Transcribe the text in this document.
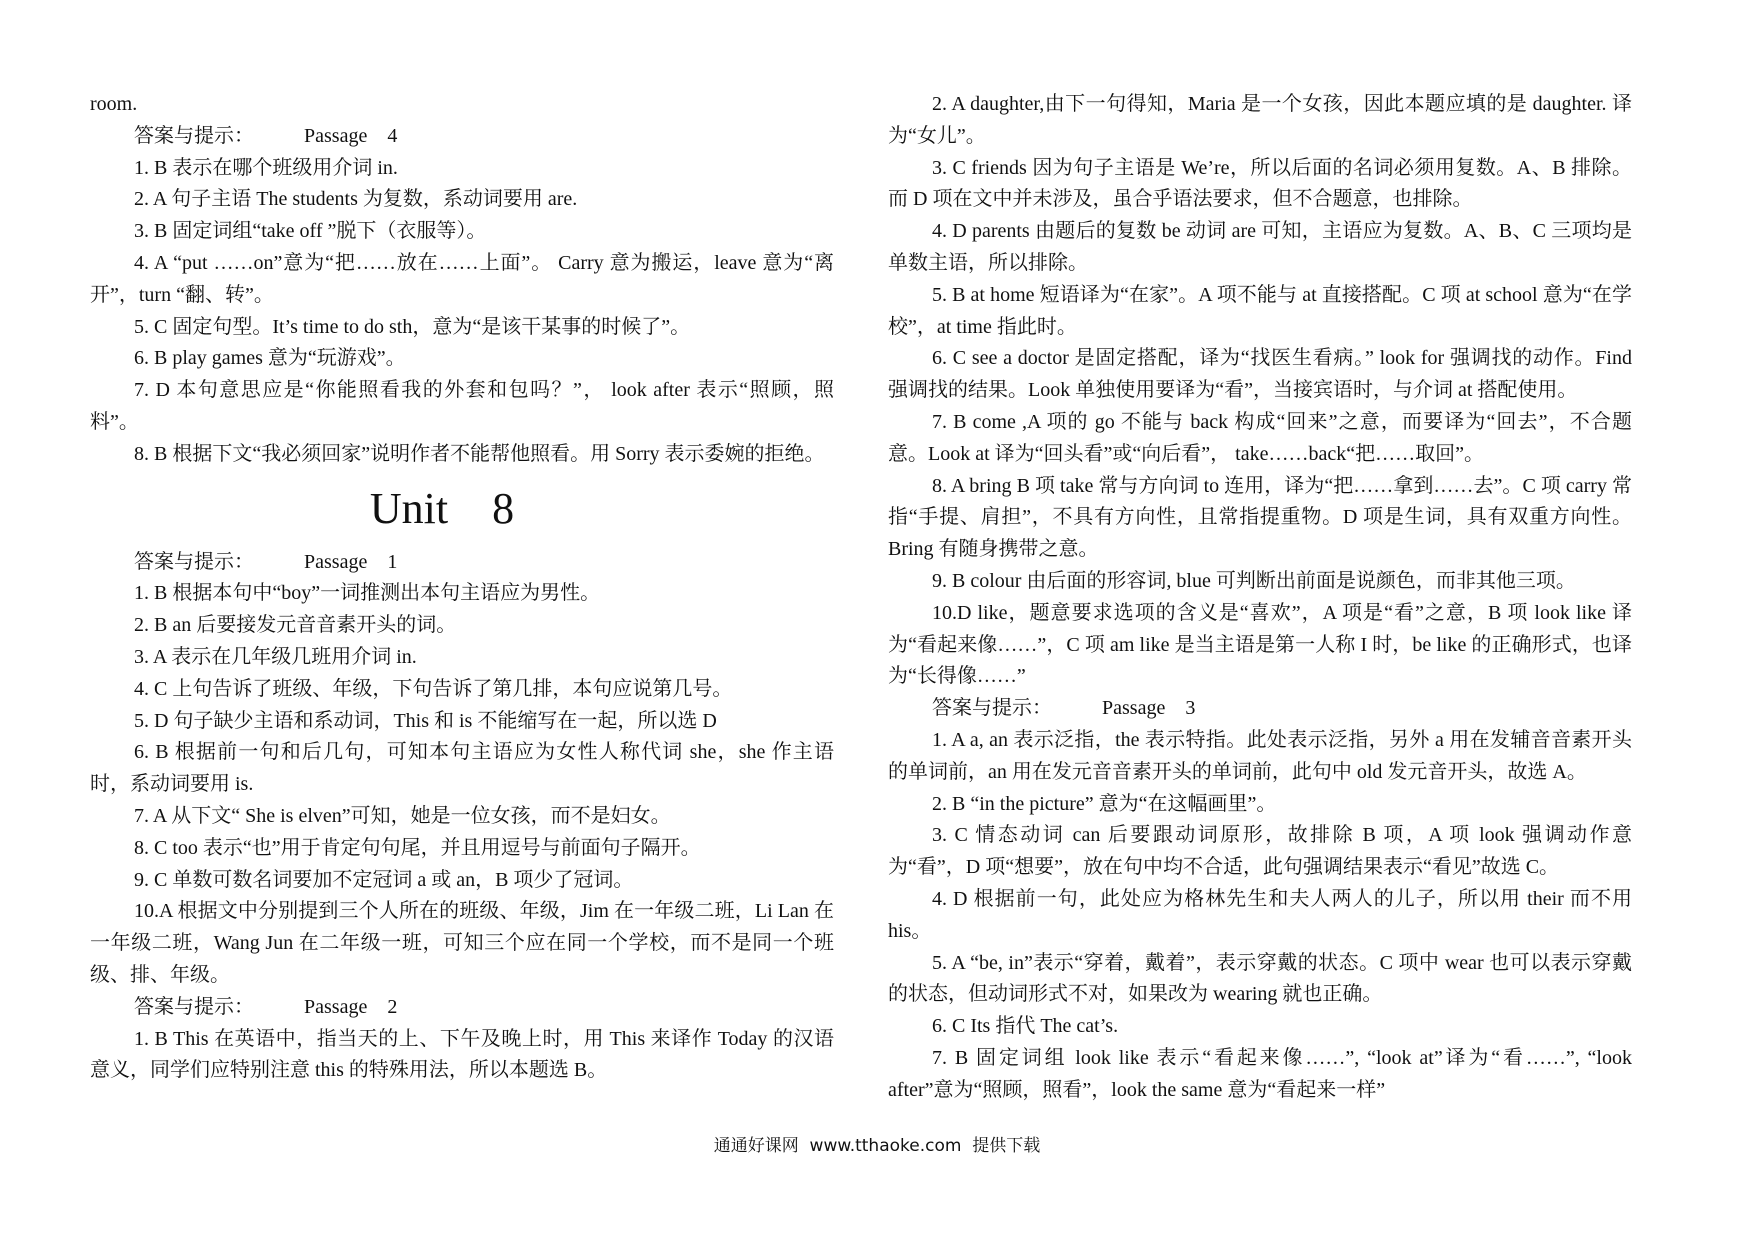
room.

答案与提示：          Passage    4

1. B 表示在哪个班级用介词 in.

2. A 句子主语 The students 为复数，系动词要用 are.

3. B 固定词组“take off ”脱下（衣服等）。

4. A “put ……on”意为“把……放在……上面”。 Carry 意为搬运，leave 意为“离开”，turn “翻、转”。

5. C 固定句型。It’s time to do sth，意为“是该干某事的时候了”。

6. B play games 意为“玩游戏”。

7. D 本句意思应是“你能照看我的外套和包吗？”， look after 表示“照顾，照料”。

8. B 根据下文“我必须回家”说明作者不能帮他照看。用 Sorry 表示委婉的拒绝。

Unit    8

答案与提示：          Passage    1

1. B 根据本句中“boy”一词推测出本句主语应为男性。

2. B an 后要接发元音音素开头的词。

3. A 表示在几年级几班用介词 in.

4. C 上句告诉了班级、年级，下句告诉了第几排，本句应说第几号。

5. D 句子缺少主语和系动词，This 和 is 不能缩写在一起，所以选 D

6. B 根据前一句和后几句，可知本句主语应为女性人称代词 she，she 作主语时，系动词要用 is.

7. A 从下文“ She is elven”可知，她是一位女孩，而不是妇女。

8. C too 表示“也”用于肯定句句尾，并且用逗号与前面句子隔开。

9. C 单数可数名词要加不定冠词 a 或 an，B 项少了冠词。

10.A 根据文中分别提到三个人所在的班级、年级，Jim 在一年级二班，Li Lan 在一年级二班，Wang Jun 在二年级一班，可知三个应在同一个学校，而不是同一个班级、排、年级。

答案与提示：          Passage    2

1. B This 在英语中，指当天的上、下午及晚上时，用 This 来译作 Today 的汉语意义，同学们应特别注意 this 的特殊用法，所以本题选 B。

2. A daughter,由下一句得知，Maria 是一个女孩，因此本题应填的是 daughter. 译为“女儿”。

3. C friends 因为句子主语是 We’re，所以后面的名词必须用复数。A、B 排除。而 D 项在文中并未涉及，虽合乎语法要求，但不合题意，也排除。

4. D parents 由题后的复数 be 动词 are 可知，主语应为复数。A、B、C 三项均是单数主语，所以排除。

5. B at home 短语译为“在家”。A 项不能与 at 直接搭配。C 项 at school 意为“在学校”，at time 指此时。

6. C see a doctor 是固定搭配，译为“找医生看病。” look for 强调找的动作。Find 强调找的结果。Look 单独使用要译为“看”，当接宾语时，与介词 at 搭配使用。

7. B come ,A 项的 go 不能与 back 构成“回来”之意，而要译为“回去”，不合题意。Look at 译为“回头看”或“向后看”， take……back“把……取回”。

8. A bring B 项 take 常与方向词 to 连用，译为“把……拿到……去”。C 项 carry 常指“手提、肩担”，不具有方向性，且常指提重物。D 项是生词，具有双重方向性。Bring 有随身携带之意。

9. B colour 由后面的形容词, blue 可判断出前面是说颜色，而非其他三项。

10.D like，题意要求选项的含义是“喜欢”，A 项是“看”之意，B 项 look like 译为“看起来像……”，C 项 am like 是当主语是第一人称 I 时，be like 的正确形式，也译为“长得像……”

答案与提示：          Passage    3

1. A a, an 表示泛指，the 表示特指。此处表示泛指，另外 a 用在发辅音音素开头的单词前，an 用在发元音音素开头的单词前，此句中 old 发元音开头，故选 A。

2. B “in the picture” 意为“在这幅画里”。

3. C 情态动词 can 后要跟动词原形，故排除 B 项，A 项 look 强调动作意为“看”，D 项“想要”，放在句中均不合适，此句强调结果表示“看见”故选 C。

4. D 根据前一句，此处应为格林先生和夫人两人的儿子，所以用 their 而不用 his。

5. A “be, in”表示“穿着，戴着”，表示穿戴的状态。C 项中 wear 也可以表示穿戴的状态，但动词形式不对，如果改为 wearing 就也正确。

6. C Its 指代 The cat’s.

7. B 固定词组 look like 表示“看起来像……”, “look at”译为“看……”, “look after”意为“照顾，照看”，look the same 意为“看起来一样”

通通好课网  www.tthaoke.com  提供下载
